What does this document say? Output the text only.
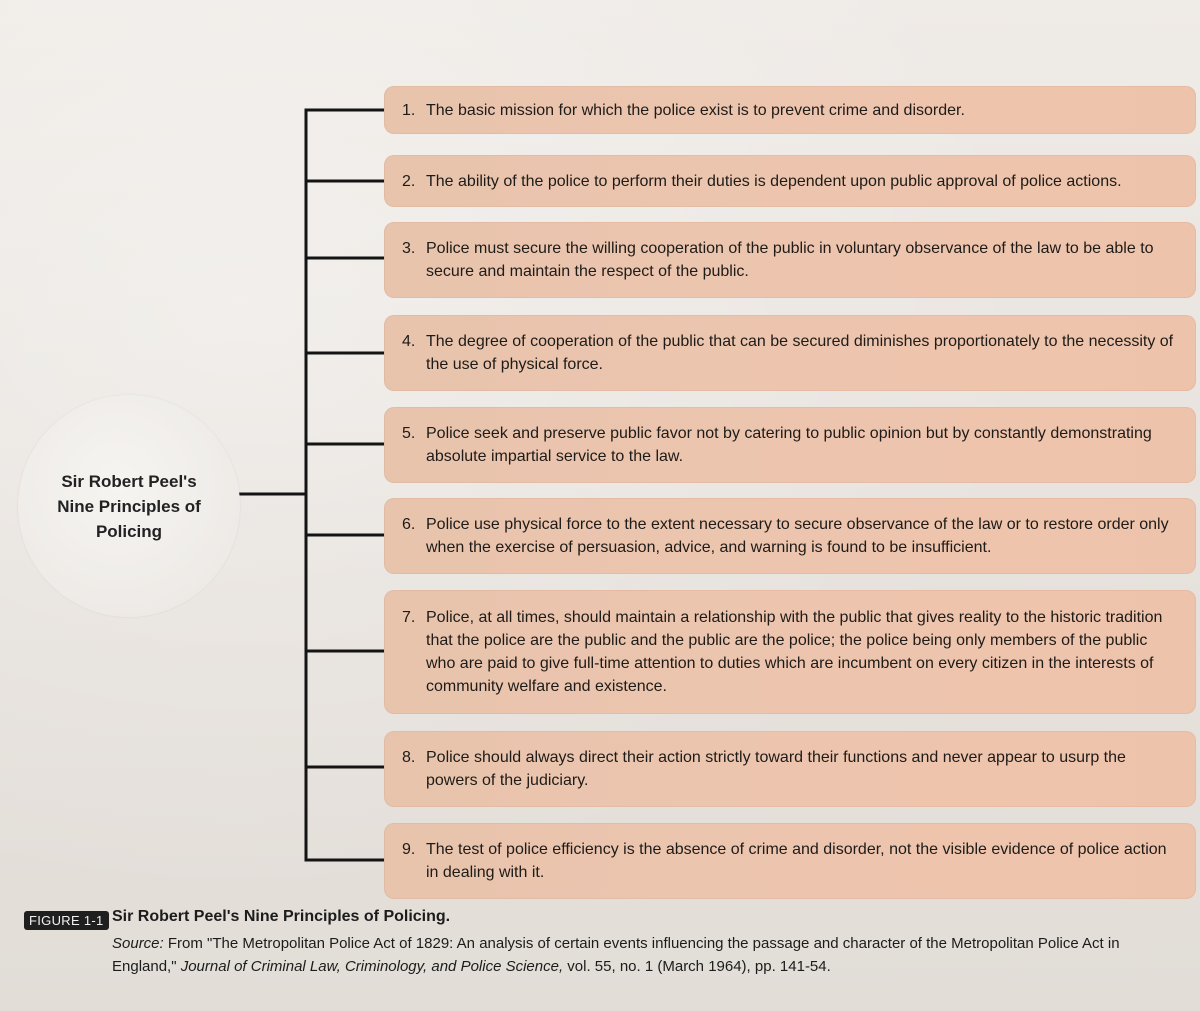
Sir Robert Peel's Nine Principles of Policing

1. The basic mission for which the police exist is to prevent crime and disorder.
2. The ability of the police to perform their duties is dependent upon public approval of police actions.
3. Police must secure the willing cooperation of the public in voluntary observance of the law to be able to secure and maintain the respect of the public.
4. The degree of cooperation of the public that can be secured diminishes proportionately to the necessity of the use of physical force.
5. Police seek and preserve public favor not by catering to public opinion but by constantly demonstrating absolute impartial service to the law.
6. Police use physical force to the extent necessary to secure observance of the law or to restore order only when the exercise of persuasion, advice, and warning is found to be insufficient.
7. Police, at all times, should maintain a relationship with the public that gives reality to the historic tradition that the police are the public and the public are the police; the police being only members of the public who are paid to give full-time attention to duties which are incumbent on every citizen in the interests of community welfare and existence.
8. Police should always direct their action strictly toward their functions and never appear to usurp the powers of the judiciary.
9. The test of police efficiency is the absence of crime and disorder, not the visible evidence of police action in dealing with it.
FIGURE 1-1 Sir Robert Peel's Nine Principles of Policing.
Source: From "The Metropolitan Police Act of 1829: An analysis of certain events influencing the passage and character of the Metropolitan Police Act in England," Journal of Criminal Law, Criminology, and Police Science, vol. 55, no. 1 (March 1964), pp. 141-54.
